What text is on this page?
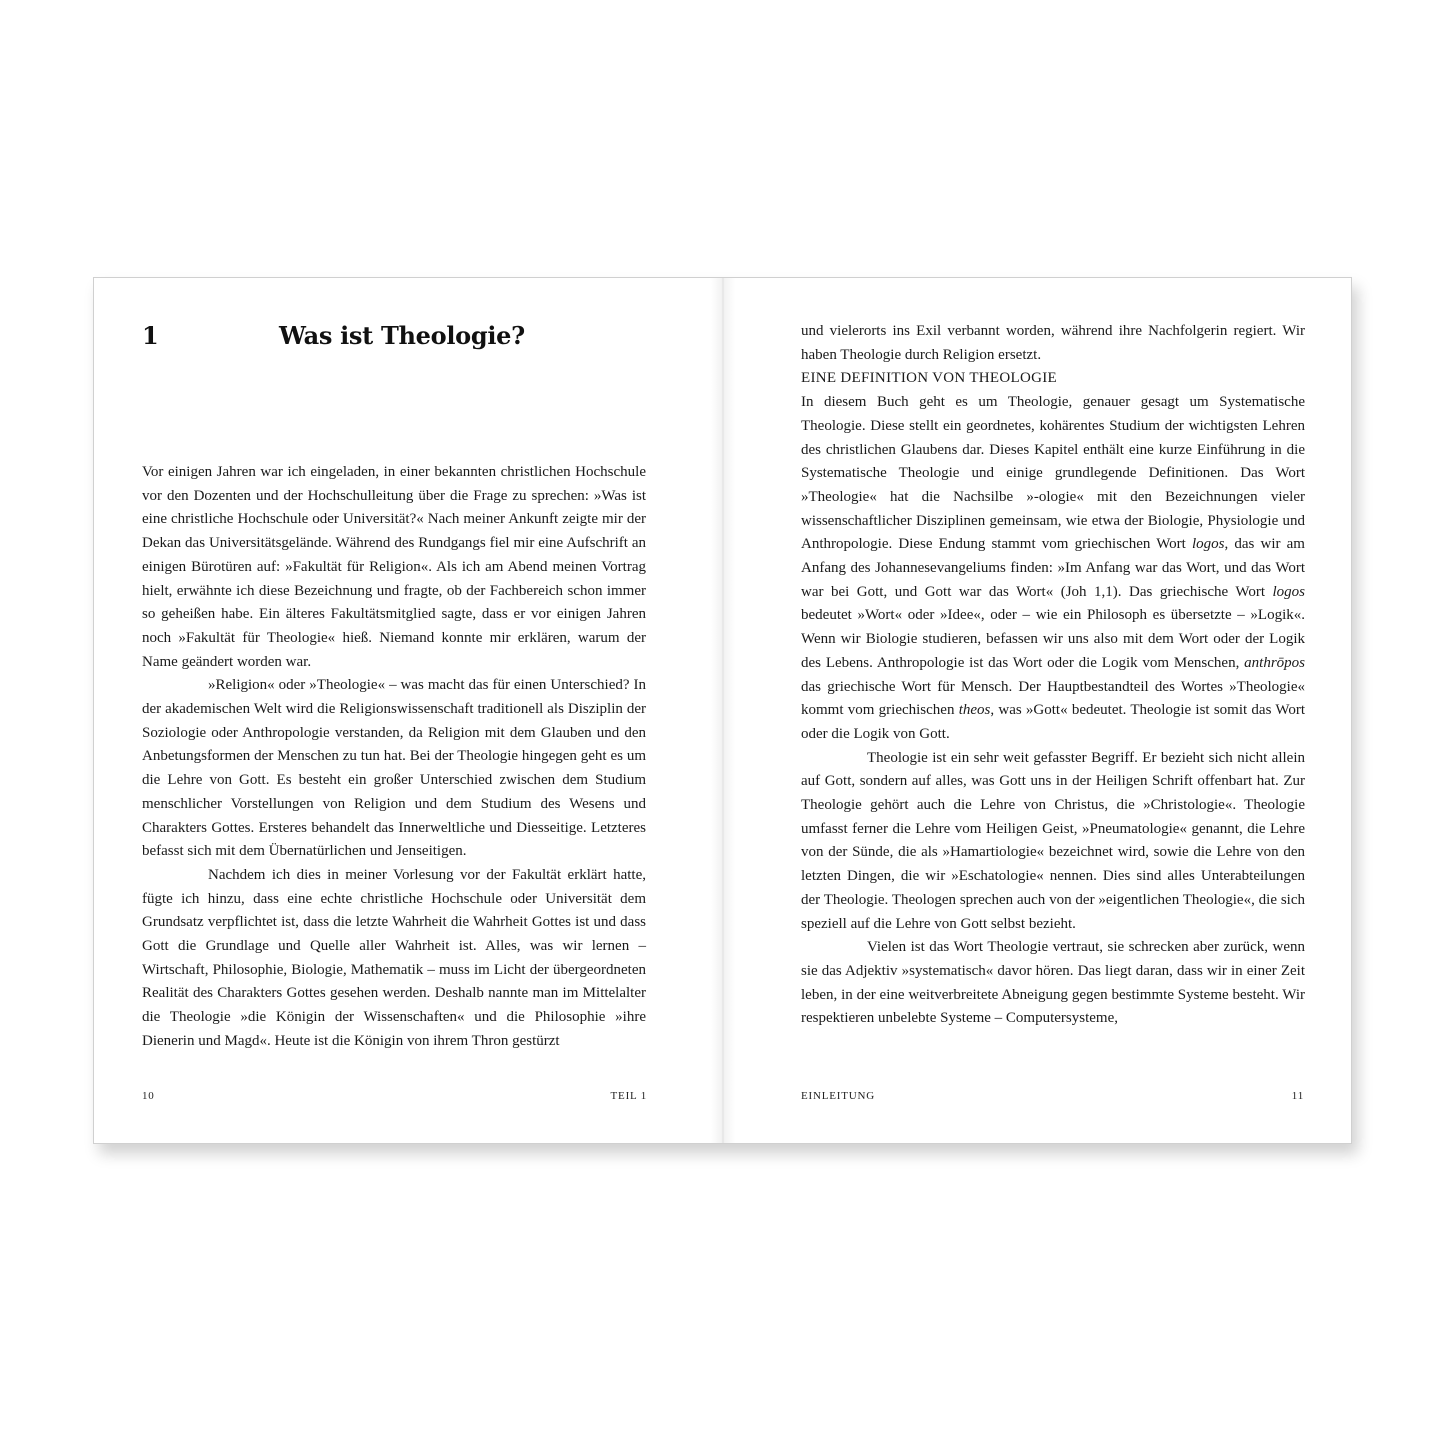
1	Was ist Theologie?

Vor einigen Jahren war ich eingeladen, in einer bekannten christlichen Hochschule vor den Dozenten und der Hochschulleitung über die Frage zu sprechen: »Was ist eine christliche Hochschule oder Universität?« Nach meiner Ankunft zeigte mir der Dekan das Universitätsgelände. Während des Rundgangs fiel mir eine Aufschrift an einigen Bürotüren auf: »Fakultät für Religion«. Als ich am Abend meinen Vortrag hielt, erwähnte ich diese Bezeichnung und fragte, ob der Fachbereich schon immer so geheißen habe. Ein älteres Fakultätsmitglied sagte, dass er vor einigen Jahren noch »Fakultät für Theologie« hieß. Niemand konnte mir erklären, warum der Name geändert worden war.

»Religion« oder »Theologie« – was macht das für einen Unterschied? In der akademischen Welt wird die Religionswissenschaft traditionell als Disziplin der Soziologie oder Anthropologie verstanden, da Religion mit dem Glauben und den Anbetungsformen der Menschen zu tun hat. Bei der Theologie hingegen geht es um die Lehre von Gott. Es besteht ein großer Unterschied zwischen dem Studium menschlicher Vorstellungen von Religion und dem Studium des Wesens und Charakters Gottes. Ersteres behandelt das Innerweltliche und Diesseitige. Letzteres befasst sich mit dem Übernatürlichen und Jenseitigen.

Nachdem ich dies in meiner Vorlesung vor der Fakultät erklärt hatte, fügte ich hinzu, dass eine echte christliche Hochschule oder Universität dem Grundsatz verpflichtet ist, dass die letzte Wahrheit die Wahrheit Gottes ist und dass Gott die Grundlage und Quelle aller Wahrheit ist. Alles, was wir lernen – Wirtschaft, Philosophie, Biologie, Mathematik – muss im Licht der übergeordneten Realität des Charakters Gottes gesehen werden. Deshalb nannte man im Mittelalter die Theologie »die Königin der Wissenschaften« und die Philosophie »ihre Dienerin und Magd«. Heute ist die Königin von ihrem Thron gestürzt

10	TEIL 1

und vielerorts ins Exil verbannt worden, während ihre Nachfolgerin regiert. Wir haben Theologie durch Religion ersetzt.

EINE DEFINITION VON THEOLOGIE

In diesem Buch geht es um Theologie, genauer gesagt um Systematische Theologie. Diese stellt ein geordnetes, kohärentes Studium der wichtigsten Lehren des christlichen Glaubens dar. Dieses Kapitel enthält eine kurze Einführung in die Systematische Theologie und einige grundlegende Definitionen. Das Wort »Theologie« hat die Nachsilbe »-ologie« mit den Bezeichnungen vieler wissenschaftlicher Disziplinen gemeinsam, wie etwa der Biologie, Physiologie und Anthropologie. Diese Endung stammt vom griechischen Wort logos, das wir am Anfang des Johannesevangeliums finden: »Im Anfang war das Wort, und das Wort war bei Gott, und Gott war das Wort« (Joh 1,1). Das griechische Wort logos bedeutet »Wort« oder »Idee«, oder – wie ein Philosoph es übersetzte – »Logik«. Wenn wir Biologie studieren, befassen wir uns also mit dem Wort oder der Logik des Lebens. Anthropologie ist das Wort oder die Logik vom Menschen, anthrōpos das griechische Wort für Mensch. Der Hauptbestandteil des Wortes »Theologie« kommt vom griechischen theos, was »Gott« bedeutet. Theologie ist somit das Wort oder die Logik von Gott.

Theologie ist ein sehr weit gefasster Begriff. Er bezieht sich nicht allein auf Gott, sondern auf alles, was Gott uns in der Heiligen Schrift offenbart hat. Zur Theologie gehört auch die Lehre von Christus, die »Christologie«. Theologie umfasst ferner die Lehre vom Heiligen Geist, »Pneumatologie« genannt, die Lehre von der Sünde, die als »Hamartiologie« bezeichnet wird, sowie die Lehre von den letzten Dingen, die wir »Eschatologie« nennen. Dies sind alles Unterabteilungen der Theologie. Theologen sprechen auch von der »eigentlichen Theologie«, die sich speziell auf die Lehre von Gott selbst bezieht.

Vielen ist das Wort Theologie vertraut, sie schrecken aber zurück, wenn sie das Adjektiv »systematisch« davor hören. Das liegt daran, dass wir in einer Zeit leben, in der eine weitverbreitete Abneigung gegen bestimmte Systeme besteht. Wir respektieren unbelebte Systeme – Computersysteme,

EINLEITUNG	11
